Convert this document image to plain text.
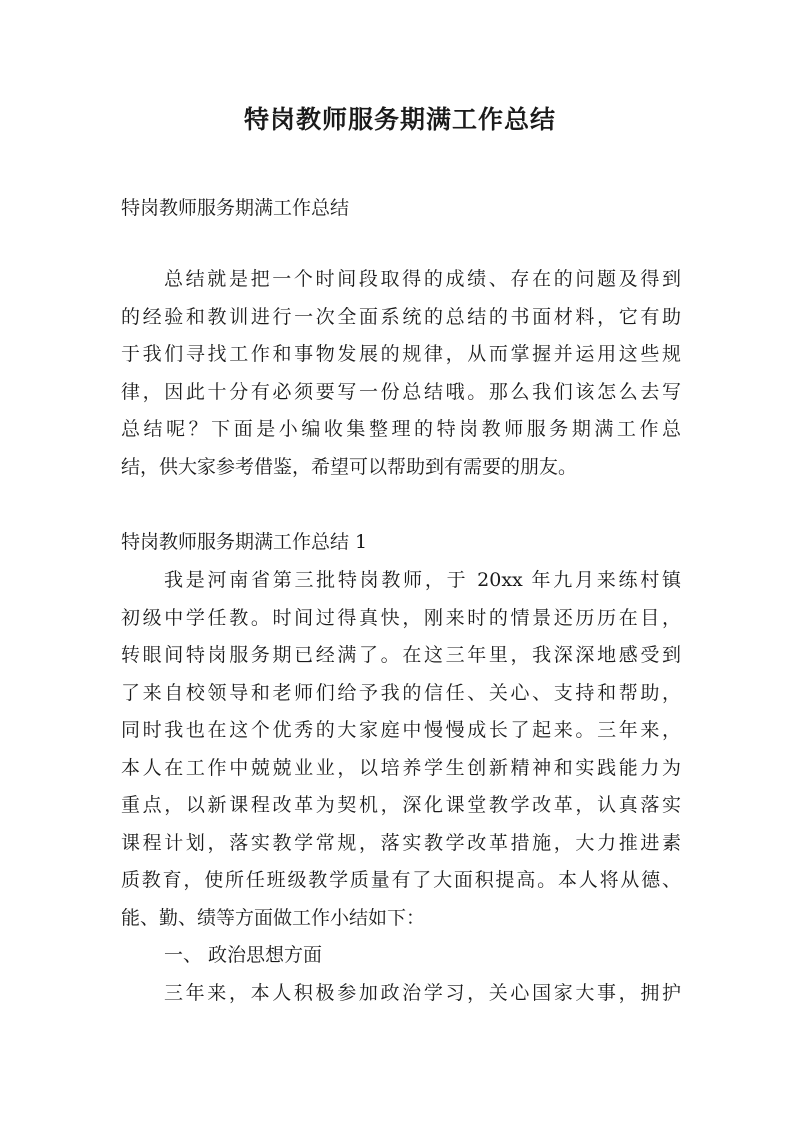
特岗教师服务期满工作总结

特岗教师服务期满工作总结

总结就是把一个时间段取得的成绩、存在的问题及得到
的经验和教训进行一次全面系统的总结的书面材料，它有助
于我们寻找工作和事物发展的规律，从而掌握并运用这些规
律，因此十分有必须要写一份总结哦。那么我们该怎么去写
总结呢？下面是小编收集整理的特岗教师服务期满工作总
结，供大家参考借鉴，希望可以帮助到有需要的朋友。

特岗教师服务期满工作总结 1

我是河南省第三批特岗教师，于 20xx 年九月来练村镇
初级中学任教。时间过得真快，刚来时的情景还历历在目，
转眼间特岗服务期已经满了。在这三年里，我深深地感受到
了来自校领导和老师们给予我的信任、关心、支持和帮助，
同时我也在这个优秀的大家庭中慢慢成长了起来。三年来，
本人在工作中兢兢业业，以培养学生创新精神和实践能力为
重点，以新课程改革为契机，深化课堂教学改革，认真落实
课程计划，落实教学常规，落实教学改革措施，大力推进素
质教育，使所任班级教学质量有了大面积提高。本人将从德、
能、勤、绩等方面做工作小结如下：
一、 政治思想方面
三年来，本人积极参加政治学习，关心国家大事，拥护
